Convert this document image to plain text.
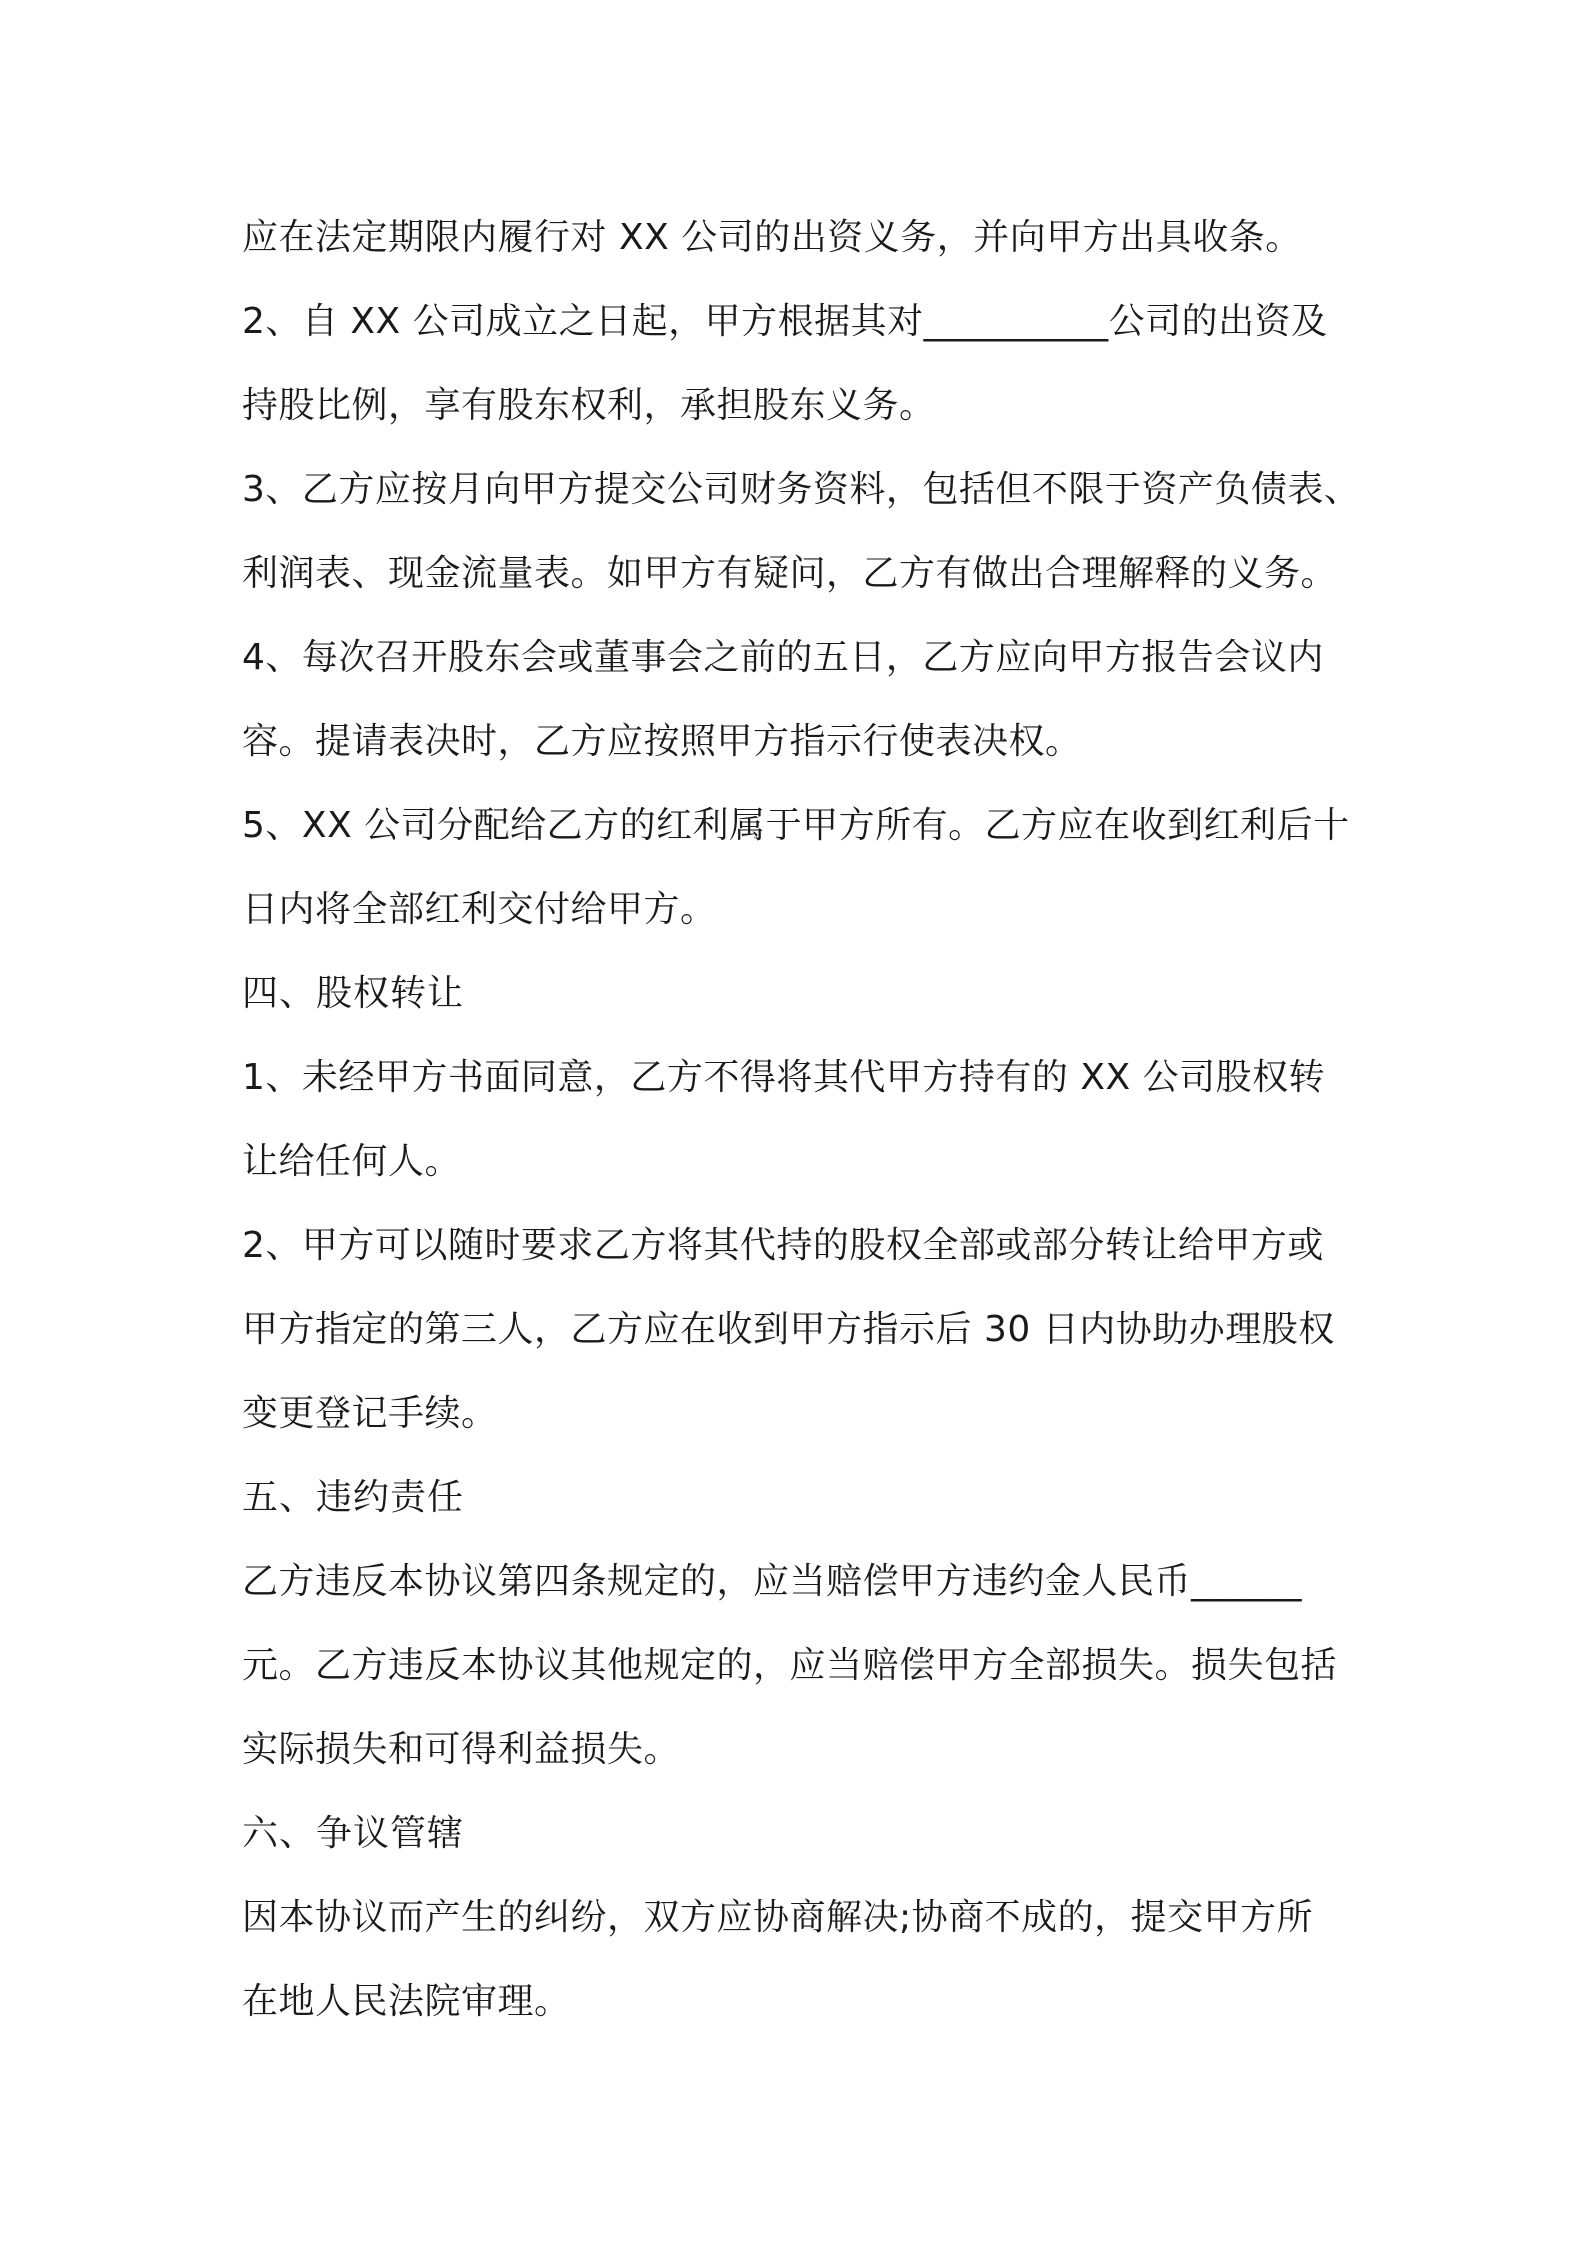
应在法定期限内履行对 XX 公司的出资义务，并向甲方出具收条。
2、自 XX 公司成立之日起，甲方根据其对__________公司的出资及
持股比例，享有股东权利，承担股东义务。
3、乙方应按月向甲方提交公司财务资料，包括但不限于资产负债表、
利润表、现金流量表。如甲方有疑问，乙方有做出合理解释的义务。
4、每次召开股东会或董事会之前的五日，乙方应向甲方报告会议内
容。提请表决时，乙方应按照甲方指示行使表决权。
5、XX 公司分配给乙方的红利属于甲方所有。乙方应在收到红利后十
日内将全部红利交付给甲方。
四、股权转让
1、未经甲方书面同意，乙方不得将其代甲方持有的 XX 公司股权转
让给任何人。
2、甲方可以随时要求乙方将其代持的股权全部或部分转让给甲方或
甲方指定的第三人，乙方应在收到甲方指示后 30 日内协助办理股权
变更登记手续。
五、违约责任
乙方违反本协议第四条规定的，应当赔偿甲方违约金人民币______
元。乙方违反本协议其他规定的，应当赔偿甲方全部损失。损失包括
实际损失和可得利益损失。
六、争议管辖
因本协议而产生的纠纷，双方应协商解决;协商不成的，提交甲方所
在地人民法院审理。
